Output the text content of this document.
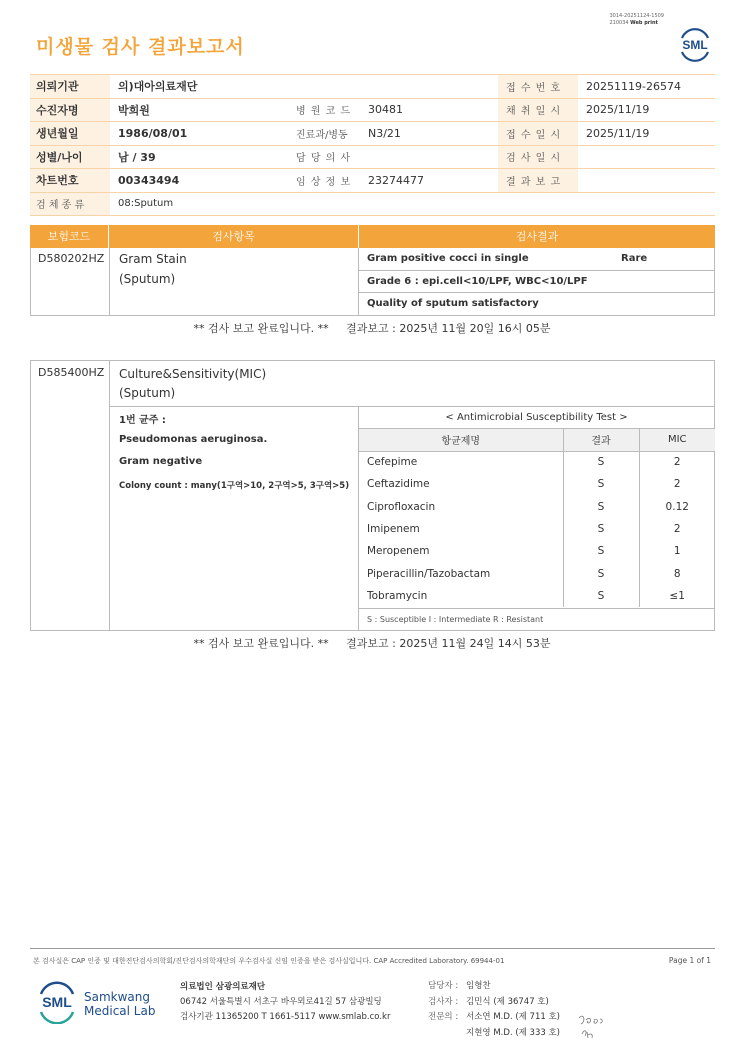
3014-20251124-1509
210034 Web print
미생물 검사 결과보고서	SML
의뢰기관	의)대아의료재단			접 수 번 호	20251119-26574
수진자명	박희원	병 원 코 드	30481	채 취 일 시	2025/11/19
생년월일	1986/08/01	진료과/병동	N3/21	접 수 일 시	2025/11/19
성별/나이	남 / 39	담 당 의 사		검 사 일 시	
차트번호	00343494	임 상 정 보	23274477	결 과 보 고	
검 체 종 류	08:Sputum				
보험코드	검사항목	검사결과
D580202HZ Gram Stain
(Sputum)
Gram positive cocci in single	Rare
Grade 6 : epi.cell<10/LPF, WBC<10/LPF
Quality of sputum satisfactory
** 검사 보고 완료입니다. ** 결과보고 : 2025년 11월 20일 16시 05분
D585400HZ Culture&Sensitivity(MIC)
(Sputum)
1번 균주 :
Pseudomonas aeruginosa.
Gram negative
Colony count : many(1구역>10, 2구역>5, 3구역>5)
< Antimicrobial Susceptibility Test >
항균제명	결과	MIC
Cefepime	S	2
Ceftazidime	S	2
Ciprofloxacin	S	0.12
Imipenem	S	2
Meropenem	S	1
Piperacillin/Tazobactam	S	8
Tobramycin	S	≤1
S : Susceptible I : Intermediate R : Resistant
** 검사 보고 완료입니다. ** 결과보고 : 2025년 11월 24일 14시 53분
본 검사실은 CAP 인증 및 대한진단검사의학회/진단검사의학재단의 우수검사실 신임 인증을 받은 검사실입니다. CAP Accredited Laboratory. 69944-01	Page 1 of 1
SML Samkwang
Medical Lab
의료법인 삼광의료재단
06742 서울특별시 서초구 바우뫼로41길 57 삼광빌딩
검사기관 11365200 T 1661-5117 www.smlab.co.kr
담당자 : 임형찬
검사자 : 김민식 (제 36747 호)
전문의 : 서소연 M.D. (제 711 호)
지현영 M.D. (제 333 호)
